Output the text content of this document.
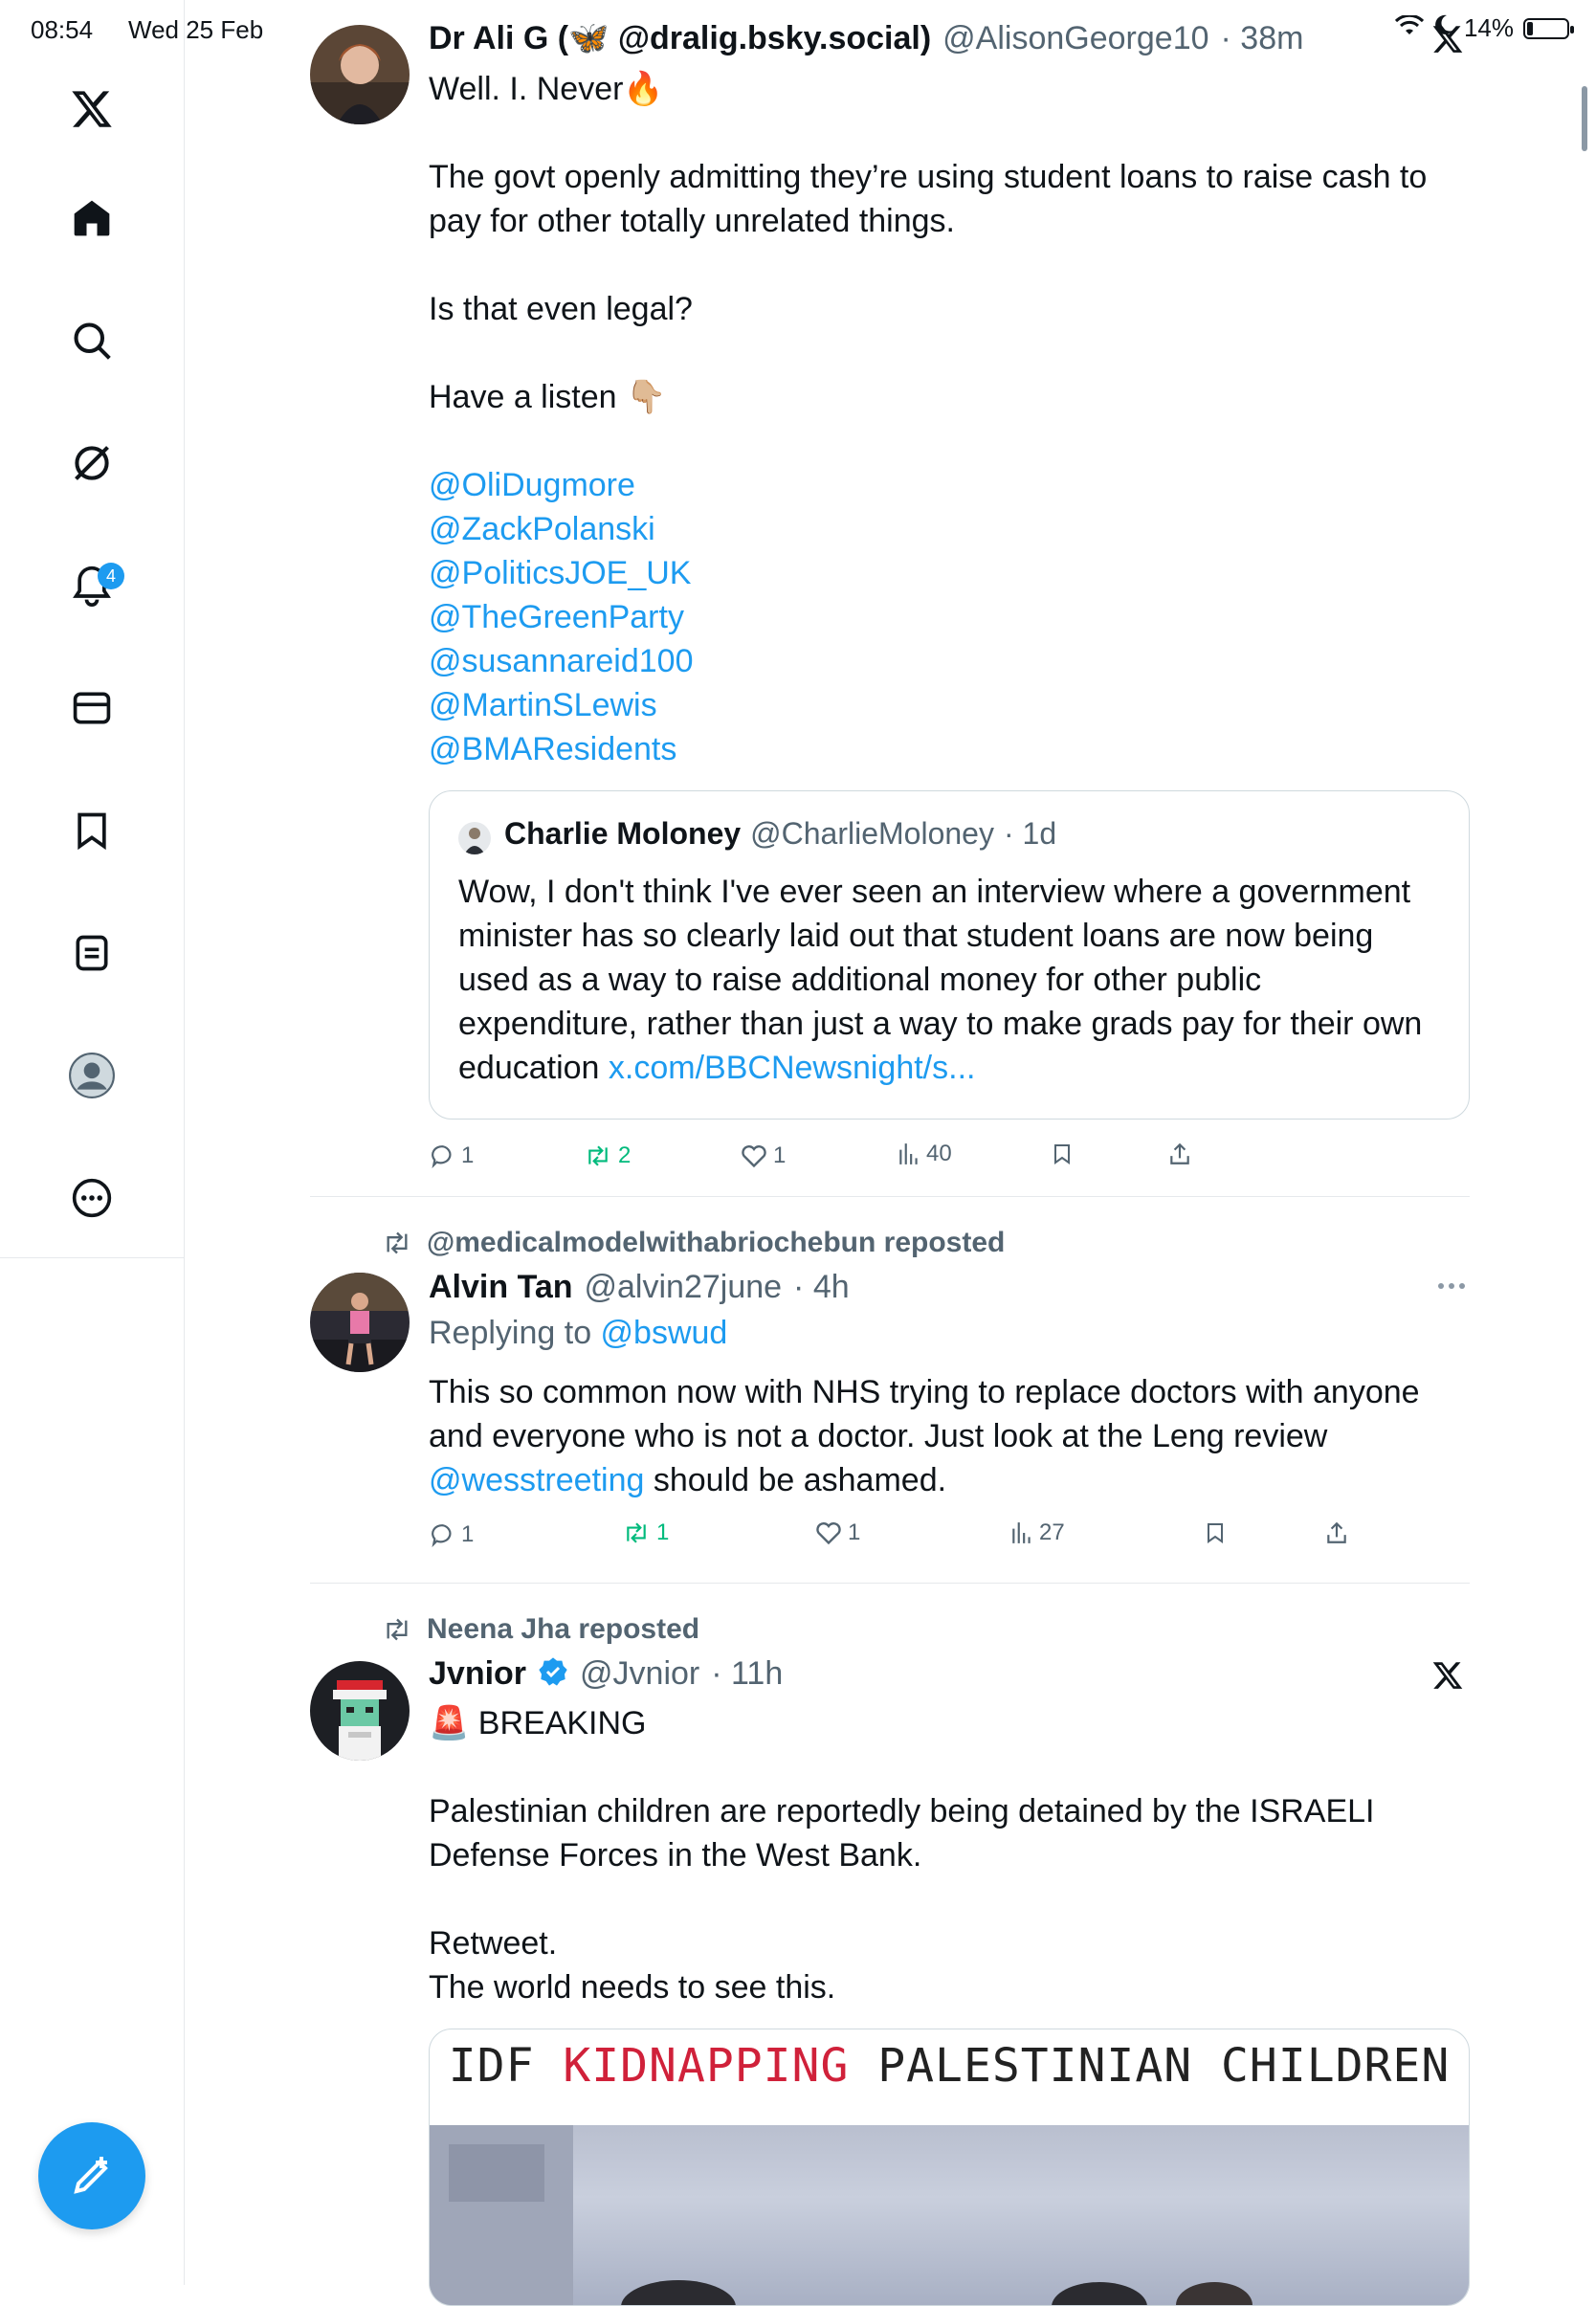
08:54 Wed 25 Feb	14%
4
Dr Ali G (🦋 @dralig.bsky.social) @AlisonGeorge10 · 38m
Well. I. Never🔥
The govt openly admitting they’re using student loans to raise cash to pay for other totally unrelated things.
Is that even legal?
Have a listen 👇🏼
@OliDugmore
@ZackPolanski
@PoliticsJOE_UK
@TheGreenParty
@susannareid100
@MartinSLewis
@BMAResidents
Charlie Moloney @CharlieMoloney · 1d
Wow, I don't think I've ever seen an interview where a government minister has so clearly laid out that student loans are now being used as a way to raise additional money for other public expenditure, rather than just a way to make grads pay for their own education x.com/BBCNewsnight/s...
1	2	1	40
@medicalmodelwithabriochebun reposted
Alvin Tan @alvin27june · 4h
Replying to @bswud
This so common now with NHS trying to replace doctors with anyone and everyone who is not a doctor. Just look at the Leng review @wesstreeting should be ashamed.
1	1	1	27
Neena Jha reposted
Jvnior @Jvnior · 11h
🚨 BREAKING
Palestinian children are reportedly being detained by the ISRAELI Defense Forces in the West Bank.
Retweet.
The world needs to see this.
IDF KIDNAPPING PALESTINIAN CHILDREN
